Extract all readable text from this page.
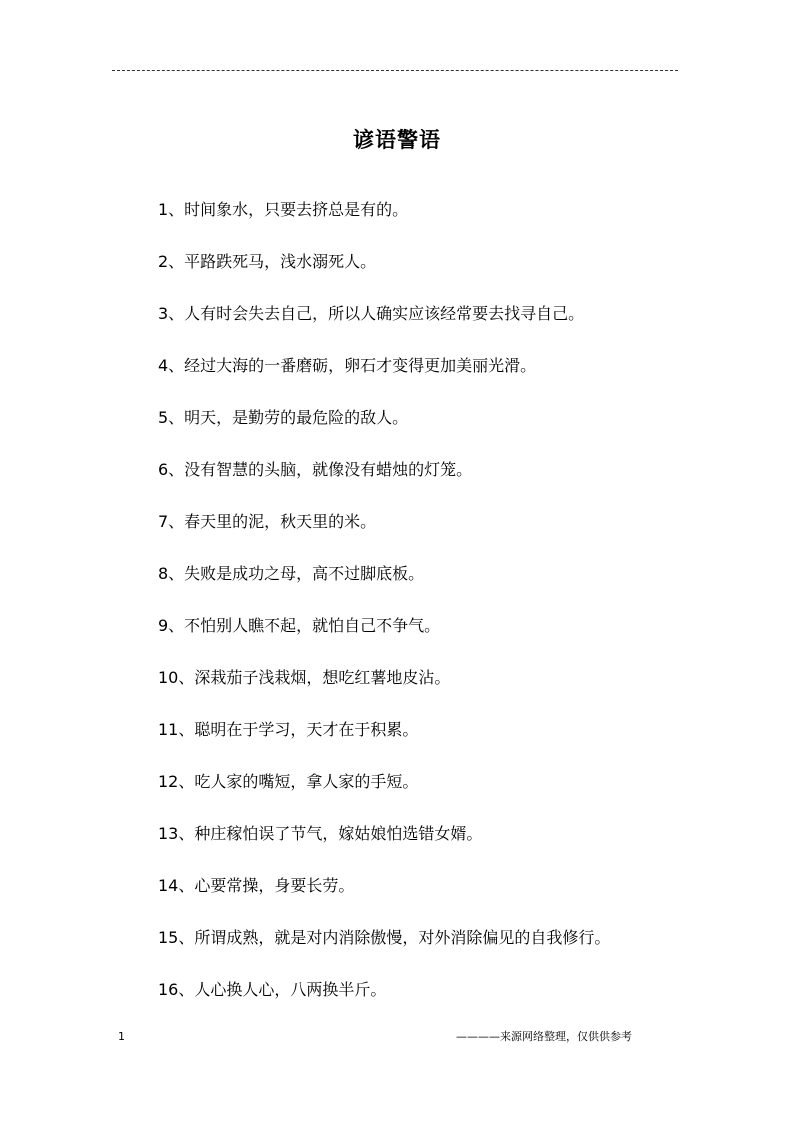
谚语警语
1、时间象水，只要去挤总是有的。
2、平路跌死马，浅水溺死人。
3、人有时会失去自己，所以人确实应该经常要去找寻自己。
4、经过大海的一番磨砺，卵石才变得更加美丽光滑。
5、明天，是勤劳的最危险的敌人。
6、没有智慧的头脑，就像没有蜡烛的灯笼。
7、春天里的泥，秋天里的米。
8、失败是成功之母，高不过脚底板。
9、不怕别人瞧不起，就怕自己不争气。
10、深栽茄子浅栽烟，想吃红薯地皮沾。
11、聪明在于学习，天才在于积累。
12、吃人家的嘴短，拿人家的手短。
13、种庄稼怕误了节气，嫁姑娘怕选错女婿。
14、心要常操，身要长劳。
15、所谓成熟，就是对内消除傲慢，对外消除偏见的自我修行。
16、人心换人心，八两换半斤。
1	————来源网络整理，仅供供参考
